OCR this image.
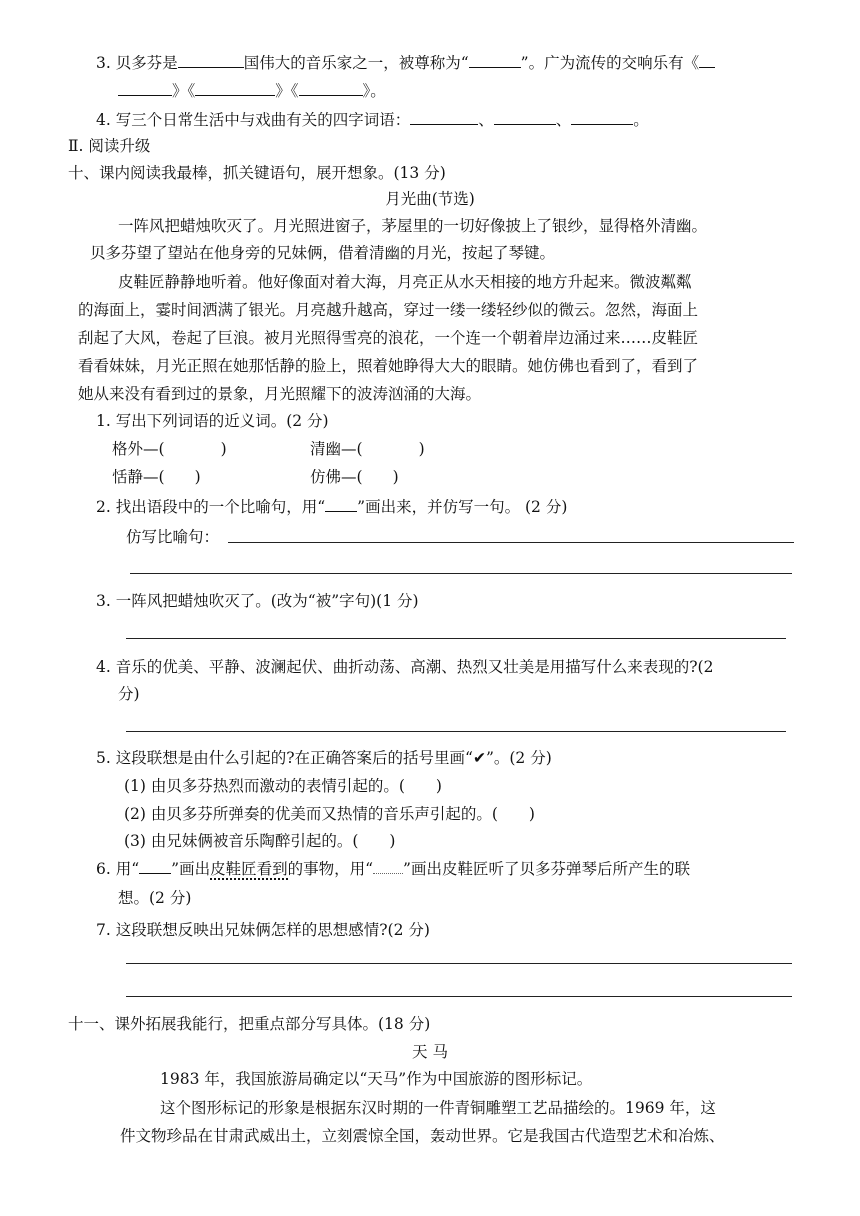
3. 贝多芬是	国伟大的音乐家之一，被尊称为“	”。广为流传的交响乐有《
》《	》《	》。
4. 写三个日常生活中与戏曲有关的四字词语：	、	、	。
Ⅱ. 阅读升级
十、课内阅读我最棒，抓关键语句，展开想象。(13 分)
月光曲(节选)
一阵风把蜡烛吹灭了。月光照进窗子，茅屋里的一切好像披上了银纱，显得格外清幽。
贝多芬望了望站在他身旁的兄妹俩，借着清幽的月光，按起了琴键。
皮鞋匠静静地听着。他好像面对着大海，月亮正从水天相接的地方升起来。微波粼粼
的海面上，霎时间洒满了银光。月亮越升越高，穿过一缕一缕轻纱似的微云。忽然，海面上
刮起了大风，卷起了巨浪。被月光照得雪亮的浪花，一个连一个朝着岸边涌过来……皮鞋匠
看看妹妹，月光正照在她那恬静的脸上，照着她睁得大大的眼睛。她仿佛也看到了，看到了
她从来没有看到过的景象，月光照耀下的波涛汹涌的大海。
1. 写出下列词语的近义词。(2 分)
格外—(	)	清幽—(	)
恬静—( )	仿佛—( )
2. 找出语段中的一个比喻句，用“ ”画出来，并仿写一句。 (2 分)
仿写比喻句：
3. 一阵风把蜡烛吹灭了。(改为“被”字句)(1 分)
4. 音乐的优美、平静、波澜起伏、曲折动荡、高潮、热烈又壮美是用描写什么来表现的?(2
分)
5. 这段联想是由什么引起的?在正确答案后的括号里画“✔”。(2 分)
(1) 由贝多芬热烈而激动的表情引起的。(　　)
(2) 由贝多芬所弹奏的优美而又热情的音乐声引起的。(　　)
(3) 由兄妹俩被音乐陶醉引起的。(　　)
6. 用“ ”画出皮鞋匠看到的事物，用“ ”画出皮鞋匠听了贝多芬弹琴后所产生的联
想。(2 分)
7. 这段联想反映出兄妹俩怎样的思想感情?(2 分)
十一、课外拓展我能行，把重点部分写具体。(18 分)
天 马
1983 年，我国旅游局确定以“天马”作为中国旅游的图形标记。
这个图形标记的形象是根据东汉时期的一件青铜雕塑工艺品描绘的。1969 年，这
件文物珍品在甘肃武威出土，立刻震惊全国，轰动世界。它是我国古代造型艺术和冶炼、
